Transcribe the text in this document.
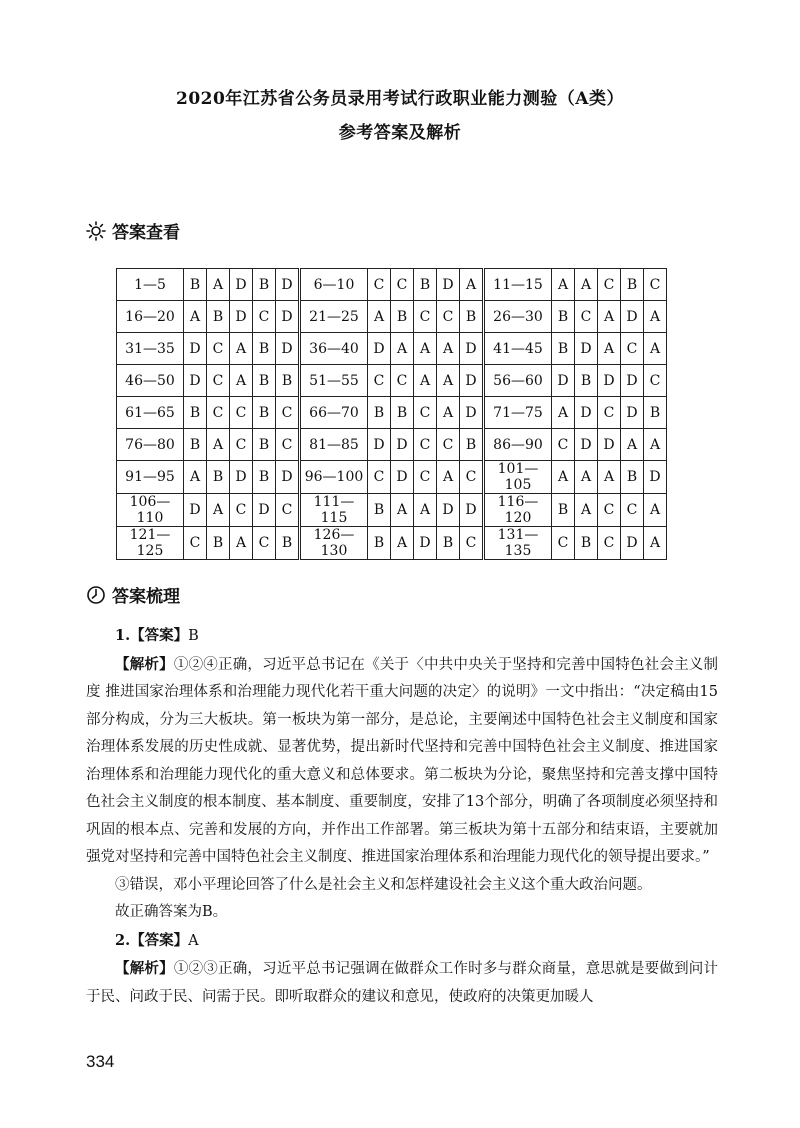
2020年江苏省公务员录用考试行政职业能力测验（A类）
参考答案及解析
答案查看
1—5	B	A	D	B	D	6—10	C	C	B	D	A	11—15	A	A	C	B	C
16—20	A	B	D	C	D	21—25	A	B	C	C	B	26—30	B	C	A	D	A
31—35	D	C	A	B	D	36—40	D	A	A	A	D	41—45	B	D	A	C	A
46—50	D	C	A	B	B	51—55	C	C	A	A	D	56—60	D	B	D	D	C
61—65	B	C	C	B	C	66—70	B	B	C	A	D	71—75	A	D	C	D	B
76—80	B	A	C	B	C	81—85	D	D	C	C	B	86—90	C	D	D	A	A
91—95	A	B	D	B	D	96—100	C	D	C	A	C	101—105	A	A	A	B	D
106—110	D	A	C	D	C	111—115	B	A	A	D	D	116—120	B	A	C	C	A
121—125	C	B	A	C	B	126—130	B	A	D	B	C	131—135	C	B	C	D	A
答案梳理

1.【答案】B

【解析】①②④正确，习近平总书记在《关于〈中共中央关于坚持和完善中国特色社会主义制度 推进国家治理体系和治理能力现代化若干重大问题的决定〉的说明》一文中指出：“决定稿由15部分构成，分为三大板块。第一板块为第一部分，是总论，主要阐述中国特色社会主义制度和国家治理体系发展的历史性成就、显著优势，提出新时代坚持和完善中国特色社会主义制度、推进国家治理体系和治理能力现代化的重大意义和总体要求。第二板块为分论，聚焦坚持和完善支撑中国特色社会主义制度的根本制度、基本制度、重要制度，安排了13个部分，明确了各项制度必须坚持和巩固的根本点、完善和发展的方向，并作出工作部署。第三板块为第十五部分和结束语，主要就加强党对坚持和完善中国特色社会主义制度、推进国家治理体系和治理能力现代化的领导提出要求。”

③错误，邓小平理论回答了什么是社会主义和怎样建设社会主义这个重大政治问题。

故正确答案为B。

2.【答案】A

【解析】①②③正确，习近平总书记强调在做群众工作时多与群众商量，意思就是要做到问计于民、问政于民、问需于民。即听取群众的建议和意见，使政府的决策更加暖人

334
